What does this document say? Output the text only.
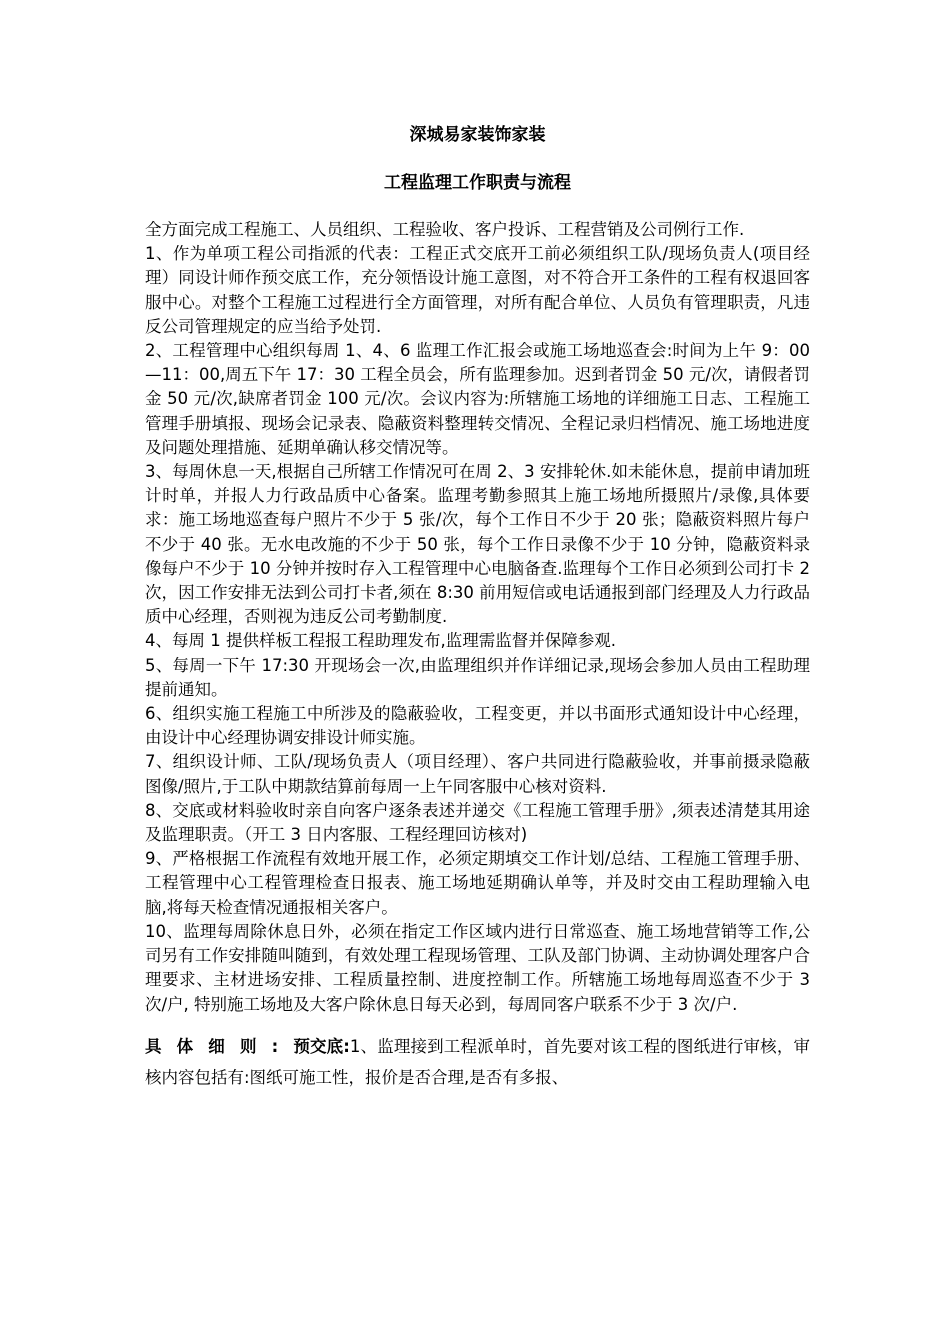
深城易家装饰家装
工程监理工作职责与流程

全方面完成工程施工、人员组织、工程验收、客户投诉、工程营销及公司例行工作.

1、作为单项工程公司指派的代表：工程正式交底开工前必须组织工队/现场负责人(项目经理）同设计师作预交底工作，充分领悟设计施工意图，对不符合开工条件的工程有权退回客服中心。对整个工程施工过程进行全方面管理，对所有配合单位、人员负有管理职责，凡违反公司管理规定的应当给予处罚.

2、工程管理中心组织每周 1、4、6 监理工作汇报会或施工场地巡查会:时间为上午 9：00—11：00,周五下午 17：30 工程全员会，所有监理参加。迟到者罚金 50 元/次，请假者罚金 50 元/次,缺席者罚金 100 元/次。会议内容为:所辖施工场地的详细施工日志、工程施工管理手册填报、现场会记录表、隐蔽资料整理转交情况、全程记录归档情况、施工场地进度及问题处理措施、延期单确认移交情况等。

3、每周休息一天,根据自己所辖工作情况可在周 2、3 安排轮休.如未能休息，提前申请加班计时单，并报人力行政品质中心备案。监理考勤参照其上施工场地所摄照片/录像,具体要求：施工场地巡查每户照片不少于 5 张/次，每个工作日不少于 20 张；隐蔽资料照片每户不少于 40 张。无水电改施的不少于 50 张，每个工作日录像不少于 10 分钟，隐蔽资料录像每户不少于 10 分钟并按时存入工程管理中心电脑备查.监理每个工作日必须到公司打卡 2 次，因工作安排无法到公司打卡者,须在 8:30 前用短信或电话通报到部门经理及人力行政品质中心经理，否则视为违反公司考勤制度.

4、每周 1 提供样板工程报工程助理发布,监理需监督并保障参观.

5、每周一下午 17:30 开现场会一次,由监理组织并作详细记录,现场会参加人员由工程助理提前通知。

6、组织实施工程施工中所涉及的隐蔽验收，工程变更，并以书面形式通知设计中心经理，由设计中心经理协调安排设计师实施。

7、组织设计师、工队/现场负责人（项目经理）、客户共同进行隐蔽验收，并事前摄录隐蔽图像/照片,于工队中期款结算前每周一上午同客服中心核对资料.

8、交底或材料验收时亲自向客户逐条表述并递交《工程施工管理手册》,须表述清楚其用途及监理职责。（开工 3 日内客服、工程经理回访核对)

9、严格根据工作流程有效地开展工作，必须定期填交工作计划/总结、工程施工管理手册、工程管理中心工程管理检查日报表、施工场地延期确认单等，并及时交由工程助理输入电脑,将每天检查情况通报相关客户。

10、监理每周除休息日外，必须在指定工作区域内进行日常巡查、施工场地营销等工作,公司另有工作安排随叫随到，有效处理工程现场管理、工队及部门协调、主动协调处理客户合理要求、主材进场安排、工程质量控制、进度控制工作。所辖施工场地每周巡查不少于 3 次/户, 特别施工场地及大客户除休息日每天必到，每周同客户联系不少于 3 次/户.

具体细则:预交底:1、监理接到工程派单时，首先要对该工程的图纸进行审核，审核内容包括有:图纸可施工性，报价是否合理,是否有多报、
